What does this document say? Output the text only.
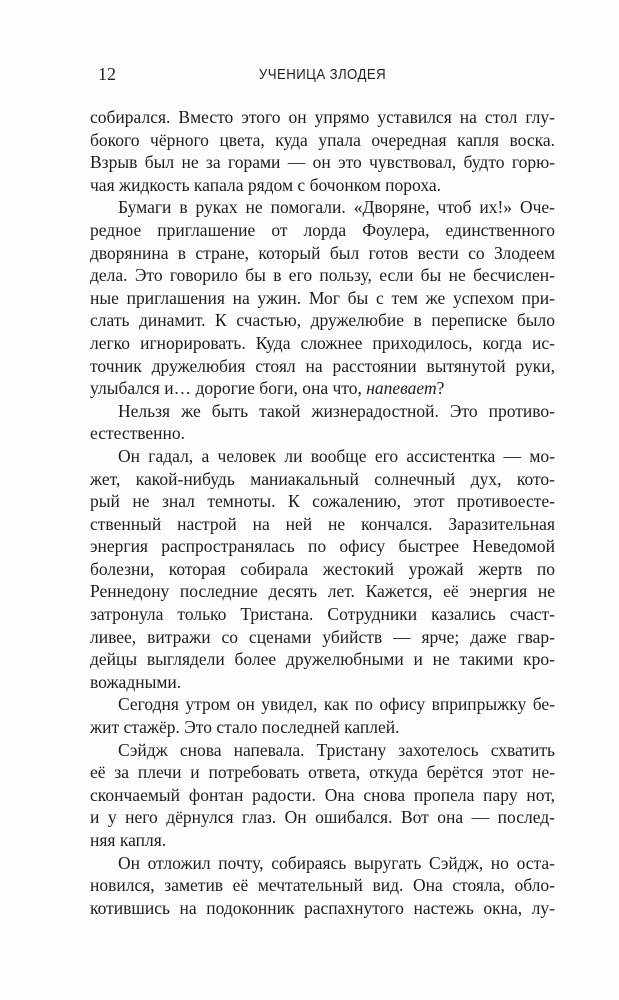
12	УЧЕНИЦА ЗЛОДЕЯ
собирался. Вместо этого он упрямо уставился на стол глу-
бокого чёрного цвета, куда упала очередная капля воска.
Взрыв был не за горами — он это чувствовал, будто горю-
чая жидкость капала рядом с бочонком пороха.
Бумаги в руках не помогали. «Дворяне, чтоб их!» Оче-
редное приглашение от лорда Фоулера, единственного
дворянина в стране, который был готов вести со Злодеем
дела. Это говорило бы в его пользу, если бы не бесчислен-
ные приглашения на ужин. Мог бы с тем же успехом при-
слать динамит. К счастью, дружелюбие в переписке было
легко игнорировать. Куда сложнее приходилось, когда ис-
точник дружелюбия стоял на расстоянии вытянутой руки,
улыбался и… дорогие боги, она что, напевает?
Нельзя же быть такой жизнерадостной. Это противо-
естественно.
Он гадал, а человек ли вообще его ассистентка — мо-
жет, какой-нибудь маниакальный солнечный дух, кото-
рый не знал темноты. К сожалению, этот противоесте-
ственный настрой на ней не кончался. Заразительная
энергия распространялась по офису быстрее Неведомой
болезни, которая собирала жестокий урожай жертв по
Реннедону последние десять лет. Кажется, её энергия не
затронула только Тристана. Сотрудники казались счаст-
ливее, витражи со сценами убийств — ярче; даже гвар-
дейцы выглядели более дружелюбными и не такими кро-
вожадными.
Сегодня утром он увидел, как по офису вприпрыжку бе-
жит стажёр. Это стало последней каплей.
Сэйдж снова напевала. Тристану захотелось схватить
её за плечи и потребовать ответа, откуда берётся этот не-
скончаемый фонтан радости. Она снова пропела пару нот,
и у него дёрнулся глаз. Он ошибался. Вот она — послед-
няя капля.
Он отложил почту, собираясь выругать Сэйдж, но оста-
новился, заметив её мечтательный вид. Она стояла, обло-
котившись на подоконник распахнутого настежь окна, лу-
